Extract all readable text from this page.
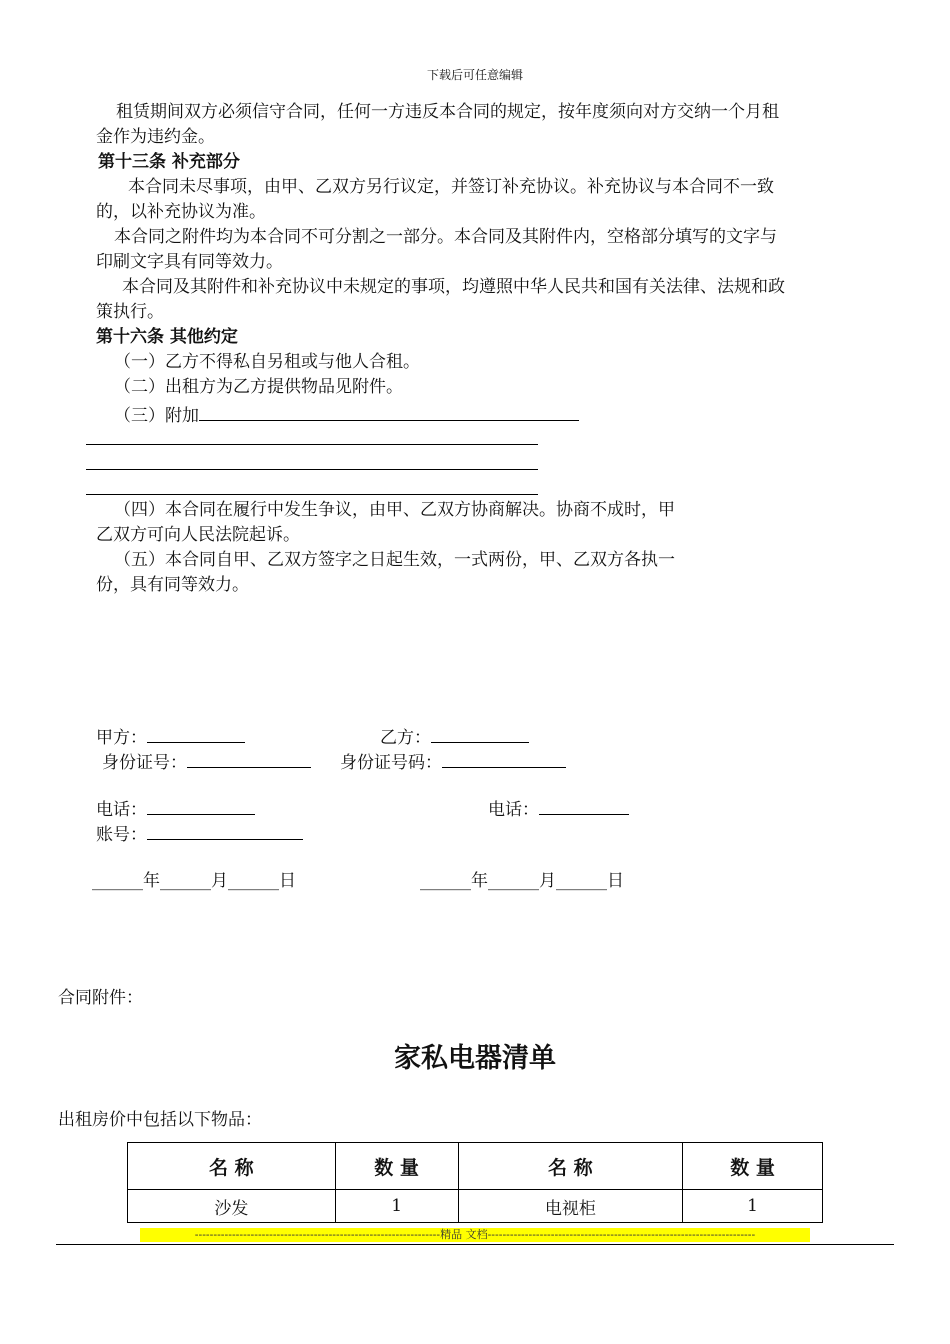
下载后可任意编辑
租赁期间双方必须信守合同，任何一方违反本合同的规定，按年度须向对方交纳一个月租
金作为违约金。
第十三条 补充部分
本合同未尽事项，由甲、乙双方另行议定，并签订补充协议。补充协议与本合同不一致
的，以补充协议为准。
本合同之附件均为本合同不可分割之一部分。本合同及其附件内，空格部分填写的文字与
印刷文字具有同等效力。
本合同及其附件和补充协议中未规定的事项，均遵照中华人民共和国有关法律、法规和政
策执行。
第十六条 其他约定
（一）乙方不得私自另租或与他人合租。
（二）出租方为乙方提供物品见附件。
（三）附加
（四）本合同在履行中发生争议，由甲、乙双方协商解决。协商不成时，甲
乙双方可向人民法院起诉。
（五）本合同自甲、乙双方签字之日起生效，一式两份，甲、乙双方各执一
份，具有同等效力。
甲方：	乙方：
身份证号：	身份证号码：
电话：	电话：
账号：
______年______月______日	______年______月______日
合同附件：
家私电器清单
出租房价中包括以下物品：
名 称	数 量	名 称	数 量
沙发	1	电视柜	1
------------------------------------------------------------------精品 文档------------------------------------------------------------------------
